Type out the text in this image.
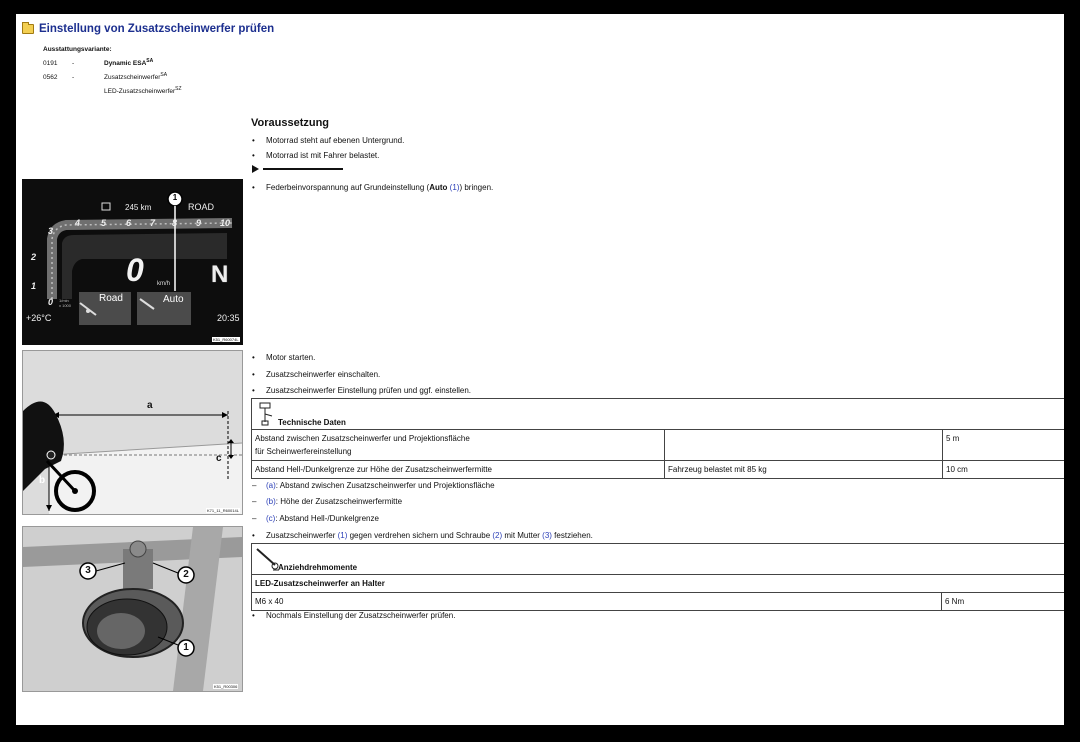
Einstellung von Zusatzscheinwerfer prüfen
Ausstattungsvariante:
0191 -	Dynamic $ESA^{SA}$
0562 -	Zusatzscheinwerfer$^{SA}$
LED-Zusatzscheinwerfer$^{SZ}$
Voraussetzung
•	Motorrad steht auf ebenen Untergrund.
•	Motorrad ist mit Fahrer belastet.
•	Federbeinvorspannung auf Grundeinstellung (Auto (1)) bringen.
245 km	ROAD
1
1
2
3
4 5 6 7 8 9 10
0 km/h N
0 1/min
x 1000
Road	Auto
+26°C	20:35
K51_R60074L
•	Motor starten.
•	Zusatzscheinwerfer einschalten.
•	Zusatzscheinwerfer Einstellung prüfen und ggf. einstellen.
a
b
c
K71_11_R60014L
Technische Daten
Abstand zwischen Zusatzscheinwerfer und Projektionsfläche
für Scheinwerfereinstellung		5 m
Abstand Hell-/Dunkelgrenze zur Höhe der Zusatzscheinwerfermitte	Fahrzeug belastet mit 85 kg	10 cm
–	(a): Abstand zwischen Zusatzscheinwerfer und Projektionsfläche
–	(b): Höhe der Zusatzscheinwerfermitte
–	(c): Abstand Hell-/Dunkelgrenze
•	Zusatzscheinwerfer (1) gegen verdrehen sichern und Schraube (2) mit Mutter (3) festziehen.
3	2
1
K51_R00306
Anziehdrehmomente
LED-Zusatzscheinwerfer an Halter
M6 x 40	6 Nm
•	Nochmals Einstellung der Zusatzscheinwerfer prüfen.
